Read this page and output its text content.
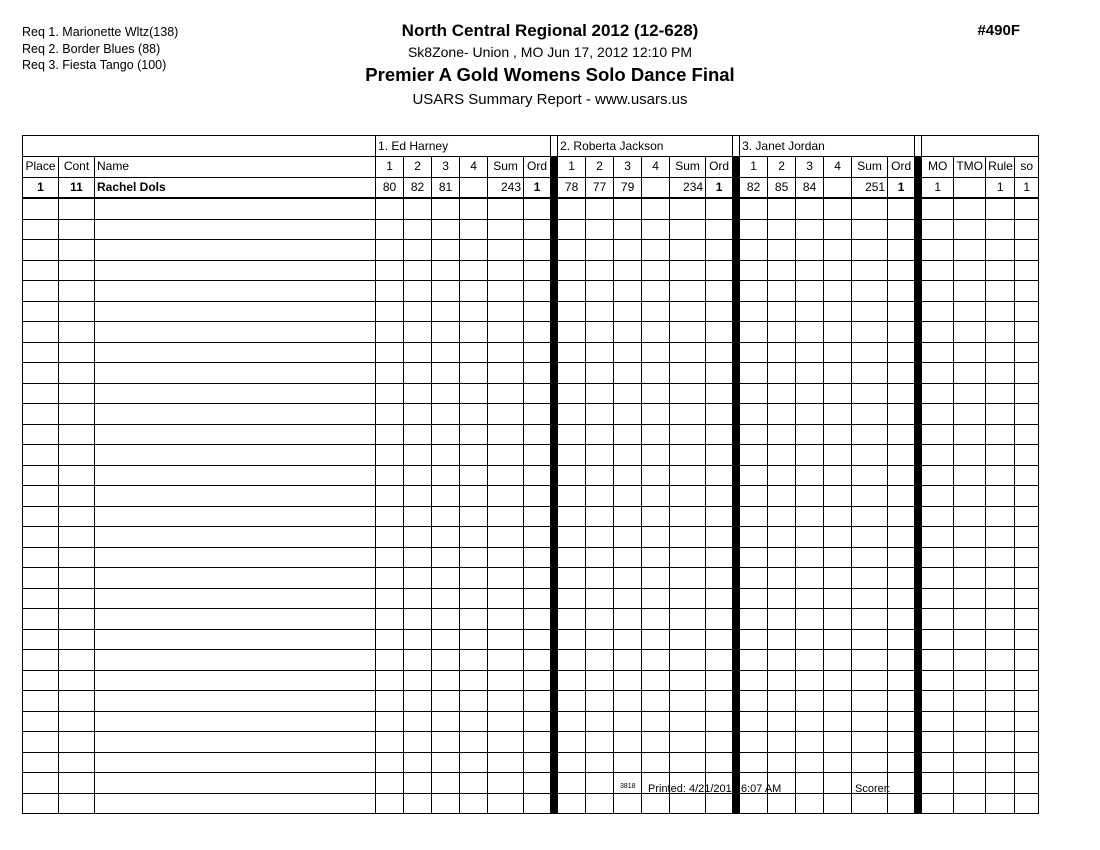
Req 1. Marionette Wltz(138)
Req 2. Border Blues (88)
Req 3. Fiesta Tango (100)
North Central Regional 2012 (12-628)
Sk8Zone- Union , MO Jun 17, 2012 12:10 PM
Premier A Gold Womens Solo Dance Final
USARS Summary Report - www.usars.us
#490F
			1. Ed Harney							2. Roberta Jackson							3. Janet Jordan										
Place	Cont	Name	1	2	3	4	Sum	Ord		1	2	3	4	Sum	Ord		1	2	3	4	Sum	Ord		MO	TMO	Rule	so
1	11	Rachel Dols	80	82	81		243	1		78	77	79		234	1		82	85	84		251	1		1		1	1

3818 Printed: 4/21/2017 6:07 AM	Scorer:
